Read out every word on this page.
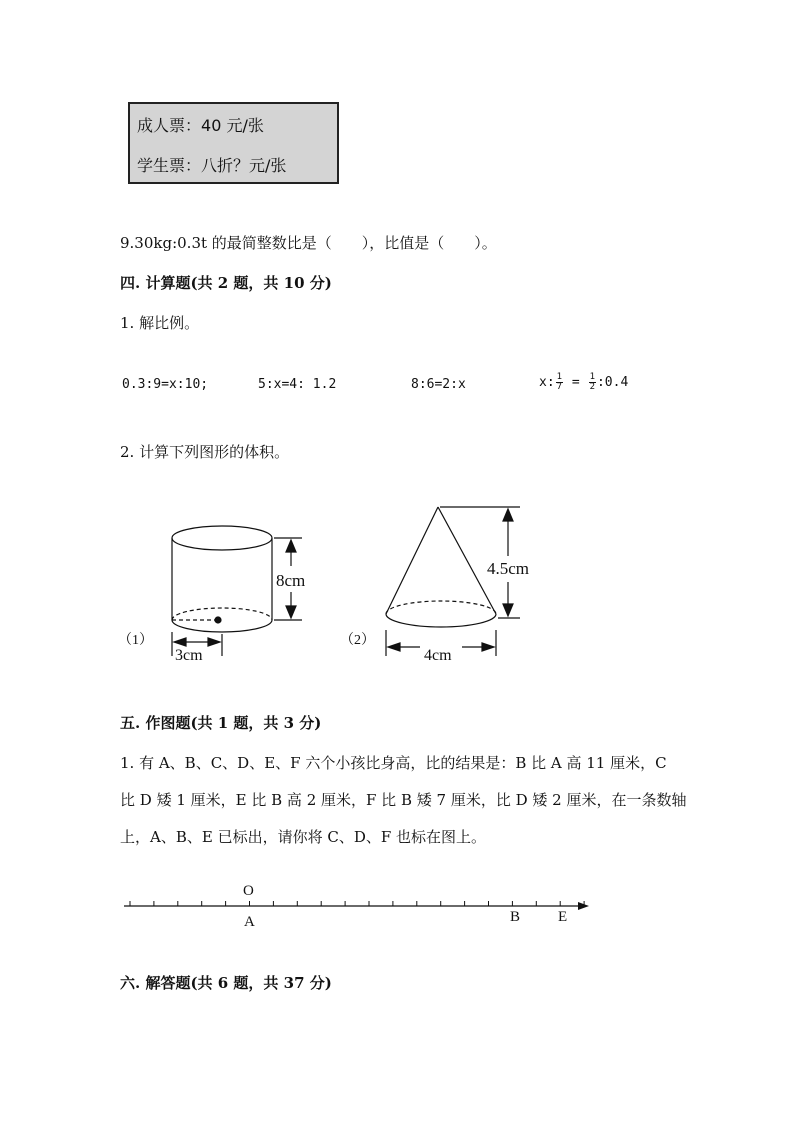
成人票：40 元/张
学生票：八折？元/张
9.30kg:0.3t 的最简整数比是（　　），比值是（　　）。
四. 计算题(共 2 题，共 10 分)
1. 解比例。
0.3:9=x:10;	5:x=4: 1.2	8:6=2:x	x: $\frac{1}{7} = \frac{1}{2}$ :0.4
2. 计算下列图形的体积。
（1）
8cm
3cm
（2）
4.5cm
4cm
五. 作图题(共 1 题，共 3 分)
1. 有 A、B、C、D、E、F 六个小孩比身高，比的结果是：B 比 A 高 11 厘米，C
比 D 矮 1 厘米，E 比 B 高 2 厘米，F 比 B 矮 7 厘米，比 D 矮 2 厘米，在一条数轴
上，A、B、E 已标出，请你将 C、D、F 也标在图上。
O
A	B	E
六. 解答题(共 6 题，共 37 分)
